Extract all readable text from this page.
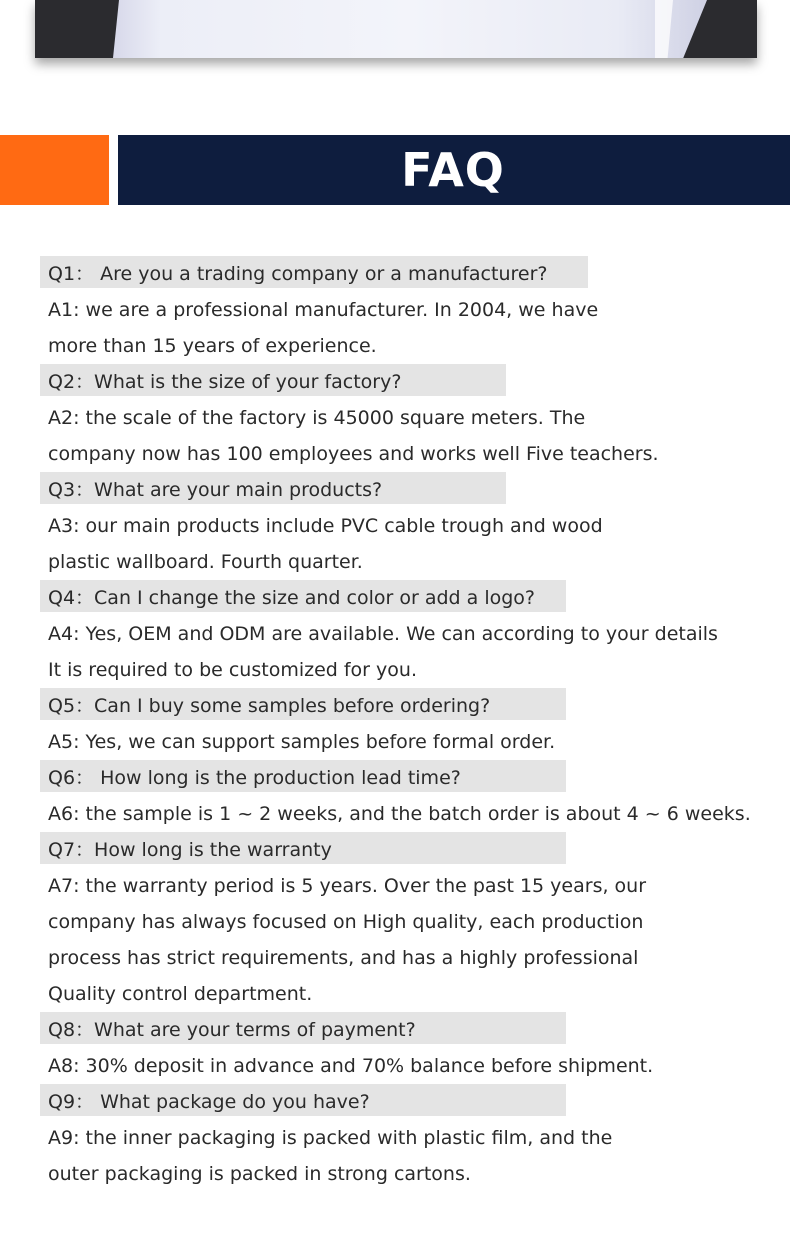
FAQ
Q1： Are you a trading company or a manufacturer?
A1: we are a professional manufacturer. In 2004, we have
more than 15 years of experience.
Q2：What is the size of your factory?
A2: the scale of the factory is 45000 square meters. The
company now has 100 employees and works well Five teachers.
Q3：What are your main products?
A3: our main products include PVC cable trough and wood
plastic wallboard. Fourth quarter.
Q4：Can I change the size and color or add a logo?
A4: Yes, OEM and ODM are available. We can according to your details
It is required to be customized for you.
Q5：Can I buy some samples before ordering?
A5: Yes, we can support samples before formal order.
Q6： How long is the production lead time?
A6: the sample is 1 ~ 2 weeks, and the batch order is about 4 ~ 6 weeks.
Q7：How long is the warranty
A7: the warranty period is 5 years. Over the past 15 years, our
company has always focused on High quality, each production
process has strict requirements, and has a highly professional
Quality control department.
Q8：What are your terms of payment?
A8: 30% deposit in advance and 70% balance before shipment.
Q9： What package do you have?
A9: the inner packaging is packed with plastic film, and the
outer packaging is packed in strong cartons.
